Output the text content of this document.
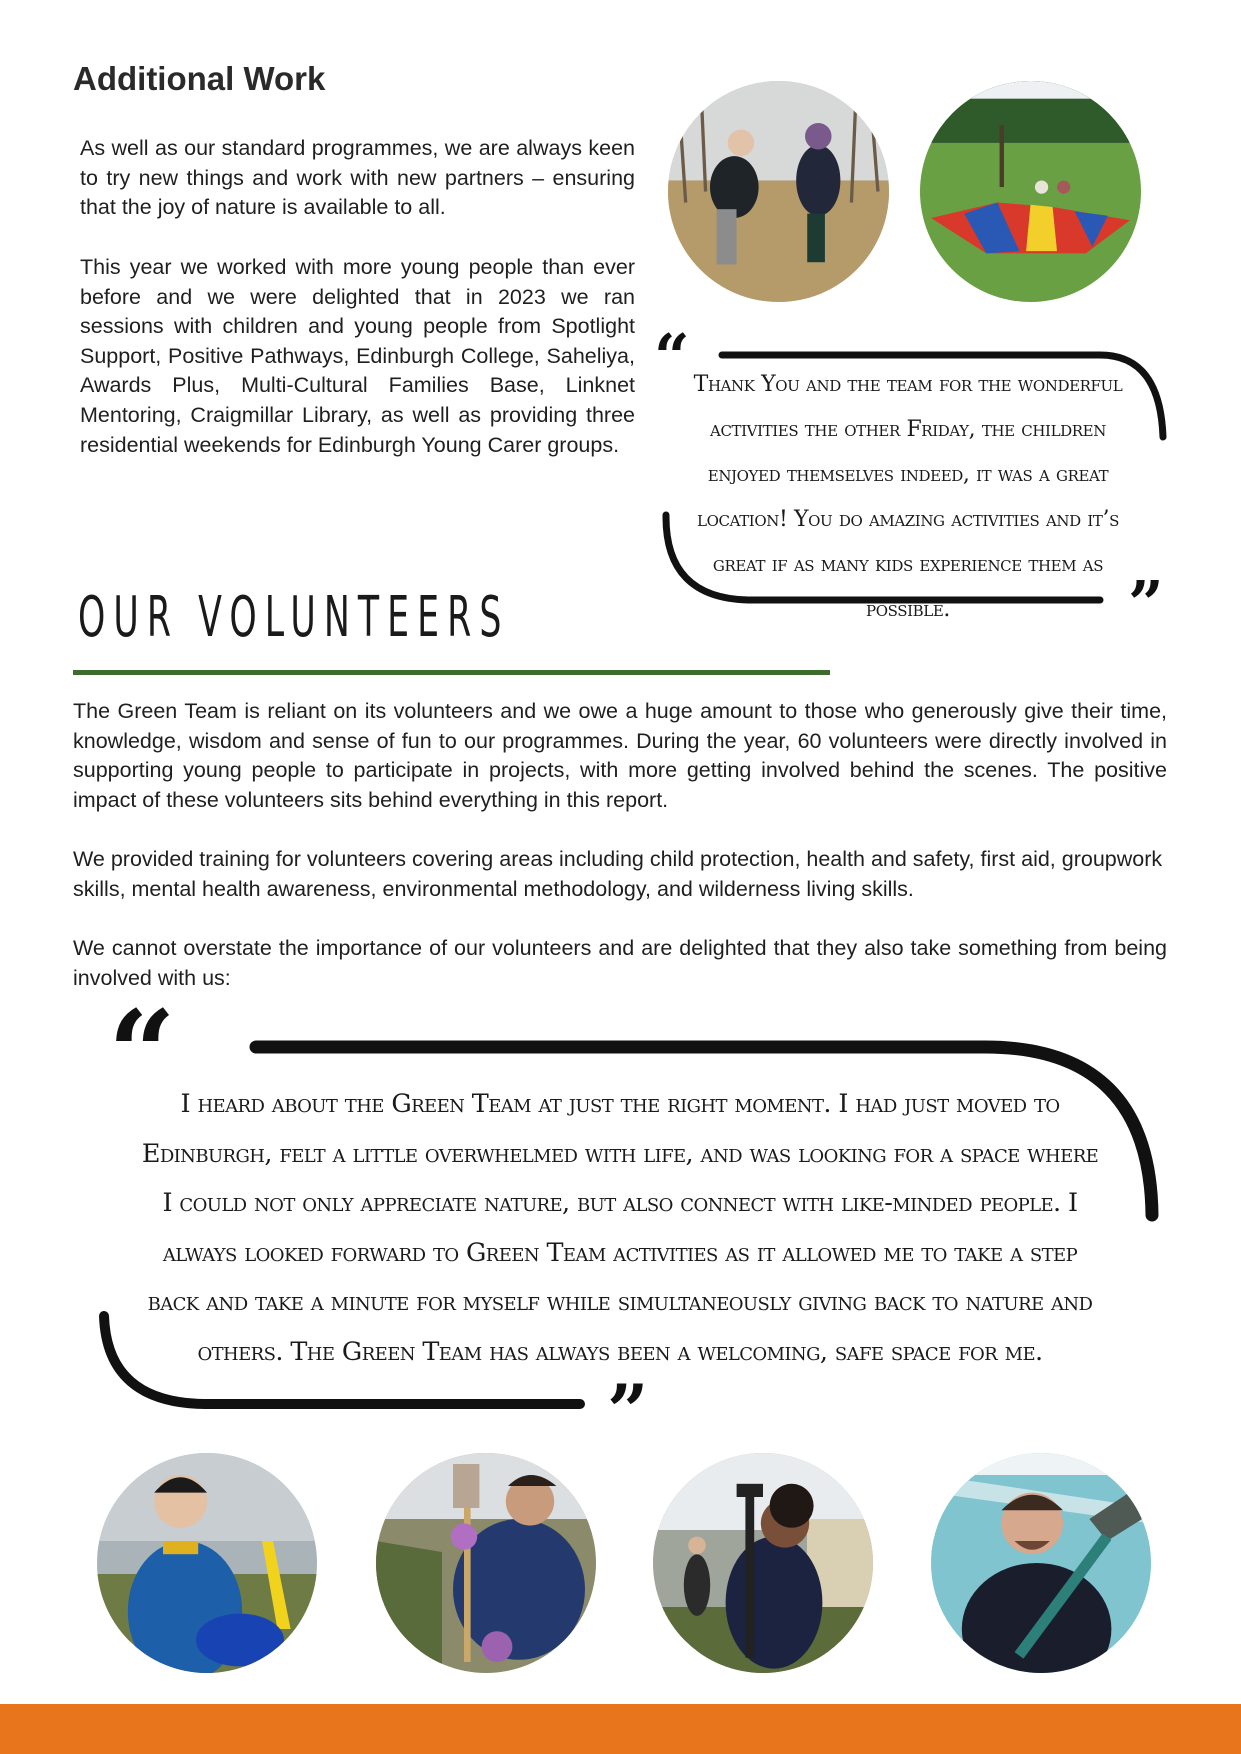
Additional Work

As well as our standard programmes, we are always keen to try new things and work with new partners – ensuring that the joy of nature is available to all.

This year we worked with more young people than ever before and we were delighted that in 2023 we ran sessions with children and young people from Spotlight Support, Positive Pathways, Edinburgh College, Saheliya, Awards Plus, Multi-Cultural Families Base, Linknet Mentoring, Craigmillar Library, as well as providing three residential weekends for Edinburgh Young Carer groups.

“
”

Thank You and the team for the wonderful activities the other Friday, the children enjoyed themselves indeed, it was a great location! You do amazing activities and it’s great if as many kids experience them as possible.

OUR VOLUNTEERS

The Green Team is reliant on its volunteers and we owe a huge amount to those who generously give their time, knowledge, wisdom and sense of fun to our programmes. During the year, 60 volunteers were directly involved in supporting young people to participate in projects, with more getting involved behind the scenes. The positive impact of these volunteers sits behind everything in this report.

We provided training for volunteers covering areas including child protection, health and safety, first aid, groupwork skills, mental health awareness, environmental methodology, and wilderness living skills.

We cannot overstate the importance of our volunteers and are delighted that they also take something from being involved with us:

“
”

I heard about the Green Team at just the right moment. I had just moved to Edinburgh, felt a little overwhelmed with life, and was looking for a space where I could not only appreciate nature, but also connect with like-minded people. I always looked forward to Green Team activities as it allowed me to take a step back and take a minute for myself while simultaneously giving back to nature and others. The Green Team has always been a welcoming, safe space for me.
